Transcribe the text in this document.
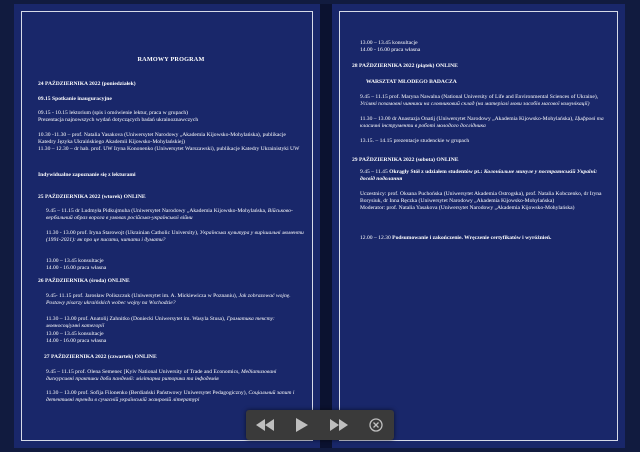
RAMOWY PROGRAM
24 PAŹDZIERNIKA 2022 (poniedziałek)
09.15 Spotkanie inauguracyjne
09.15 - 10.15 lektorium (spis i omówienie lektur, praca w grupach)
Prezentacja najnowszych wydań dotyczących badań ukrainoznawczych
10.30 -11.30 – prof. Natalia Yasakova (Uniwersytet Narodowy „Akademia Kijowsko-Mohylańska), publikacje Katedry Języka Ukraińskiego Akademii Kijowsko-Mohylańskiej)
11.30 – 12.30 – dr hab. prof. UW Iryna Kononenko (Uniwersytet Warszawski), publikacje Katedry Ukrainistyki UW
Indywidualne zapoznanie się z lekturami
25 PAŹDZIERNIKA 2022 (wtorek) ONLINE
9.45 – 11.15 dr Ludmyła Pidkujmuha (Uniwersytet Narodowy „Akademia Kijowsko-Mohylańska, Військово-вербальний образ ворога в умовах російсько-української війни
11.30 - 13.00 prof. Iryna Starowojt (Ukrainian Catholic University), Українська культура у вирішальні моменти (1991-2021): як про це писати, читати і думати?
13.00 – 13.45 konsultacje
14.00 - 16.00 praca własna
26 PAŹDZIERNIKA (środa) ONLINE
9.45- 11.15 prof. Jarosław Poliszczuk (Uniwersytet im. A. Mickiewicza w Poznaniu), Jak zobrazować wojnę. Postawy pisarzy ukraińskich wobec wojny na Wschodzie?
11.30 – 13.00 prof. Anatolij Zahnitko (Doniecki Uniwersytet im. Wasyla Stusa), Граматика тексту: мовносоціумні категорії
13.00 – 13.45 konsultacje
14.00 - 16.00 praca własna
27 PAŹDZIERNIKA 2022 (czwartek) ONLINE
9.45 – 11.15 prof. Olena Semenec [Kyiv National University of Trade and Economics, Медіатизовані дискурсивні практики доби пандемії: мілітарна риторика та інфодемія
11.30 – 13.00 prof. Sofija Filonenko (Berdiański Państwowy Uniwersytet Pedagogiczny), Соціальний запит і детективні тренди в сучасній українській жанровій літературі
13.00 – 13.45 konsultacje
14.00 - 16.00 praca własna
28 PAŹDZIERNIKA 2022 (piątek) ONLINE
WARSZTAT MŁODEGO BADACZA
9.45 – 11.15 prof. Maryna Nawalna (National University of Life and Environmental Sciences of Ukraine), Усілякі позамовні чинники на словниковий склад (на матеріалі мови засобів масової комунікації)
11.30 – 13.00 dr Anastazja Onatij (Uniwersytet Narodowy „Akademia Kijowsko-Mohylańska), Цифрові та класичні інструменти в роботі молодого дослідника
13.15. – 14.15 prezentacje studenckie w grupach
29 PAŹDZIERNIKA 2022 (sobota) ONLINE
9.45 – 11.45 Okrągły Stół z udziałem studentów pt.: Колоніальне минуле у постраянській Україні: досвід подолання
Uczestnicy: prof. Oksana Puchońska (Uniwersytet Akademia Ostrogska), prof. Natalia Kobczenko, dr Iryna Borysiuk, dr Inna Ręczka (Uniwersytet Narodowy „Akademia Kijowsko-Mohylańska)
Moderator: prof. Natalia Yasakova (Uniwersytet Narodowy „Akademia Kijowsko-Mohylańska)
12.00 – 12.30 Podsumowanie i zakończenie. Wręczenie certyfikatów i wyróżnień.
